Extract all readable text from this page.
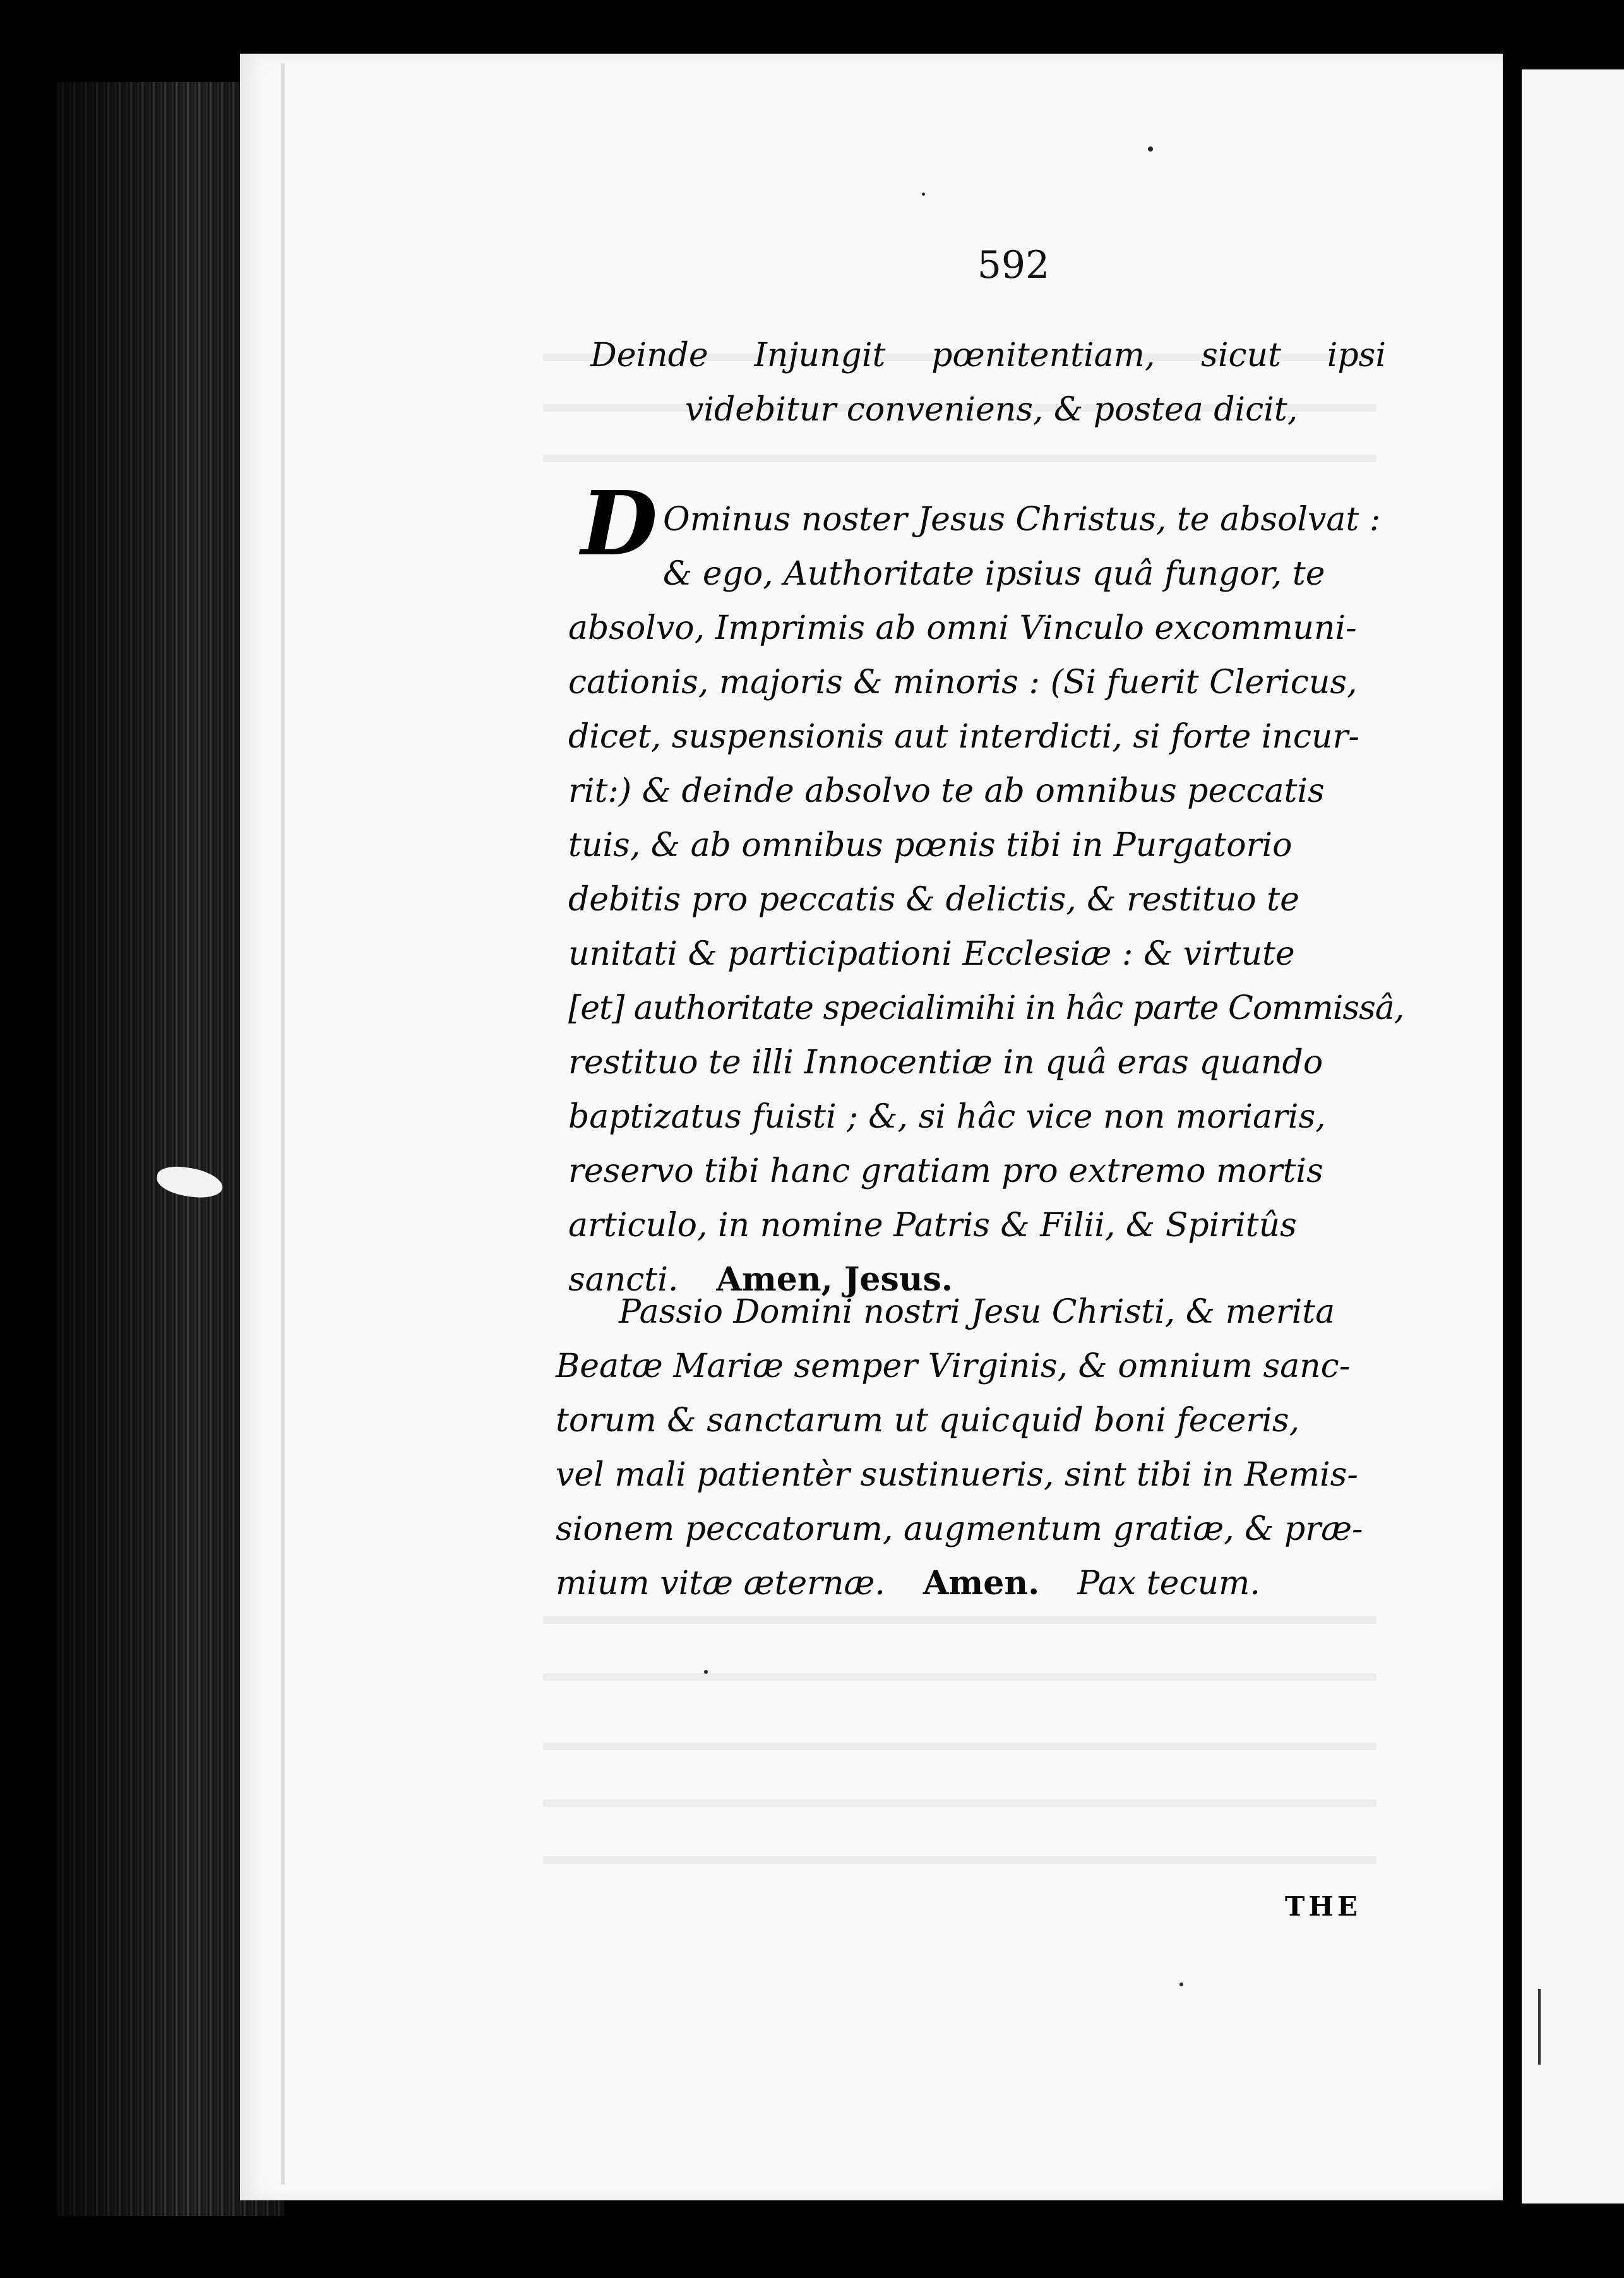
592
Deinde Injungit pœnitentiam, sicut ipsi
videbitur conveniens, & postea dicit,
D Ominus noster Jesus Christus, te absolvat :
& ego, Authoritate ipsius quâ fungor, te
absolvo, Imprimis ab omni Vinculo excommuni-
cationis, majoris & minoris : (Si fuerit Clericus,
dicet, suspensionis aut interdicti, si forte incur-
rit:) & deinde absolvo te ab omnibus peccatis
tuis, & ab omnibus pœnis tibi in Purgatorio
debitis pro peccatis & delictis, & restituo te
unitati & participationi Ecclesiæ : & virtute
[et] authoritate specialimihi in hâc parte Commissâ,
restituo te illi Innocentiæ in quâ eras quando
baptizatus fuisti ; &, si hâc vice non moriaris,
reservo tibi hanc gratiam pro extremo mortis
articulo, in nomine Patris & Filii, & Spiritûs
sancti. Amen, Jesus.
Passio Domini nostri Jesu Christi, & merita
Beatæ Mariæ semper Virginis, & omnium sanc-
torum & sanctarum ut quicquid boni feceris,
vel mali patientèr sustinueris, sint tibi in Remis-
sionem peccatorum, augmentum gratiæ, & præ-
mium vitæ æternæ. Amen. Pax tecum.
THE
